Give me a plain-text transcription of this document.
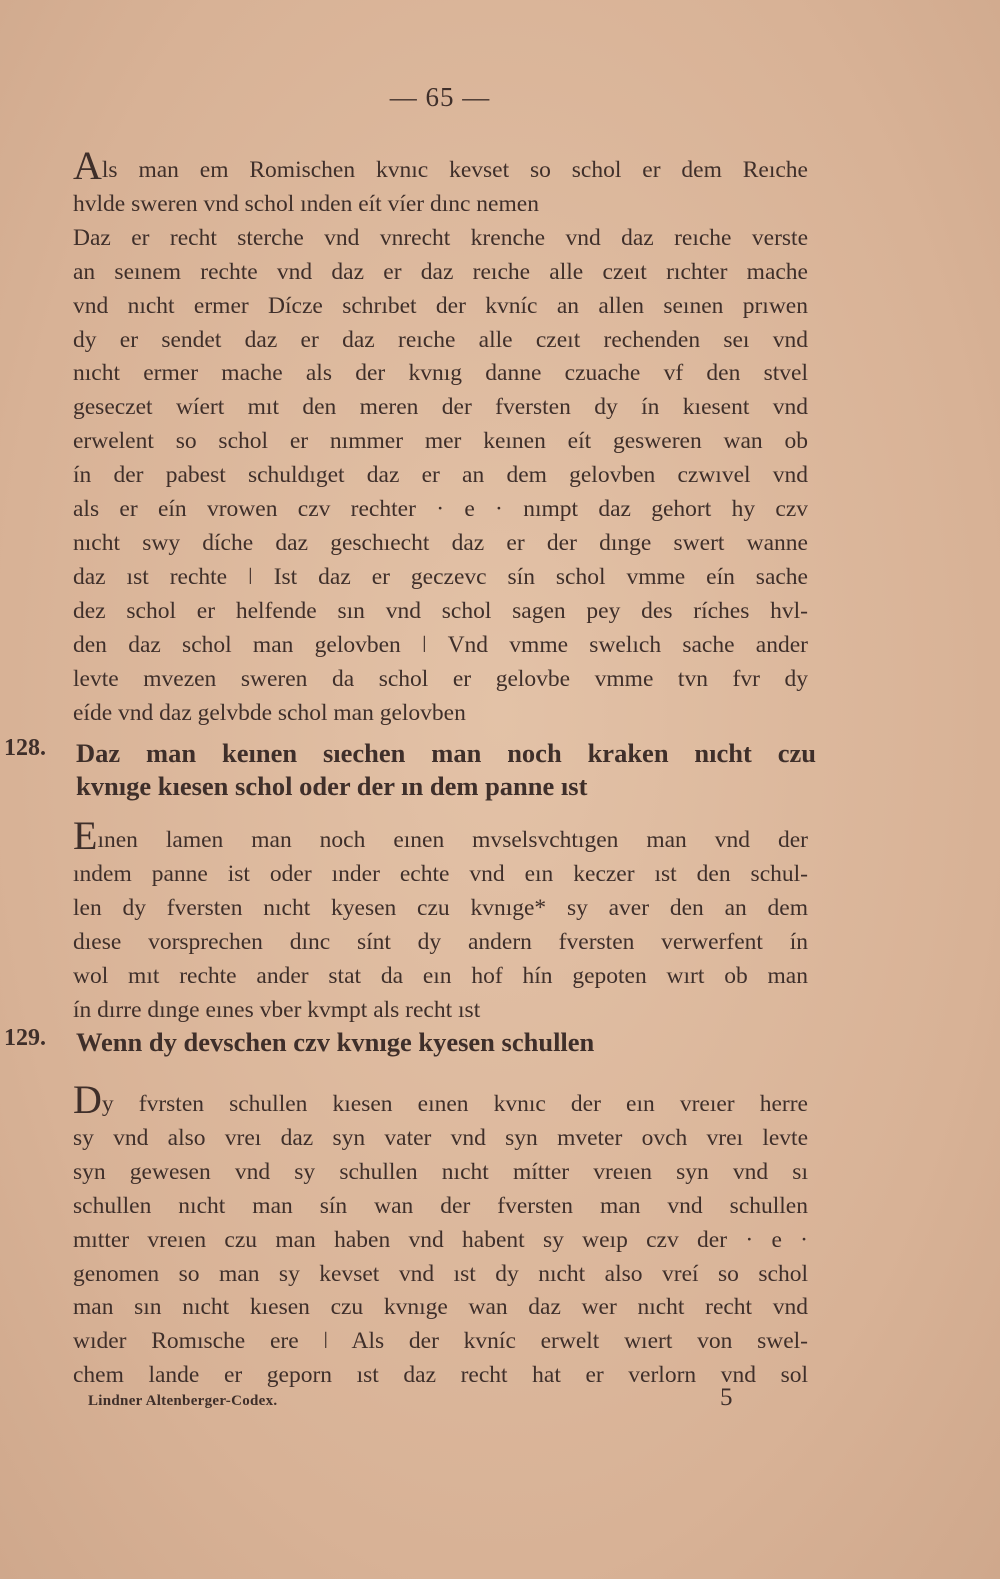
— 65 —
Als man em Romischen kvnıc kevset so schol er dem Reıche
hvlde sweren vnd schol ınden eít víer dınc nemen
Daz er recht sterche vnd vnrecht krenche vnd daz reıche verste
an seınem rechte vnd daz er daz reıche alle czeıt rıchter mache
vnd nıcht ermer Dícze schrıbet der kvníc an allen seınen prıwen
dy er sendet daz er daz reıche alle czeıt rechenden seı vnd
nıcht ermer mache als der kvnıg danne czuache vf den stvel
geseczet wíert mıt den meren der fversten dy ín kıesent vnd
erwelent so schol er nımmer mer keınen eít gesweren wan ob
ín der pabest schuldıget daz er an dem gelovben czwıvel vnd
als er eín vrowen czv rechter · e · nımpt daz gehort hy czv
nıcht swy díche daz geschıecht daz er der dınge swert wanne
daz ıst rechte ǀ Ist daz er geczevc sín schol vmme eín sache
dez schol er helfende sın vnd schol sagen pey des ríches hvl-
den daz schol man gelovben ǀ Vnd vmme swelıch sache ander
levte mvezen sweren da schol er gelovbe vmme tvn fvr dy
eíde vnd daz gelvbde schol man gelovben
128. Daz man keınen sıechen man noch kraken nıcht czu
kvnıge kıesen schol oder der ın dem panne ıst
Eınen lamen man noch eınen mvselsvchtıgen man vnd der
ındem panne ist oder ınder echte vnd eın keczer ıst den schul-
len dy fversten nıcht kyesen czu kvnıge* sy aver den an dem
dıese vorsprechen dınc sínt dy andern fversten verwerfent ín
wol mıt rechte ander stat da eın hof hín gepoten wırt ob man
ín dırre dınge eınes vber kvmpt als recht ıst
129. Wenn dy devschen czv kvnıge kyesen schullen
Dy fvrsten schullen kıesen eınen kvnıc der eın vreıer herre
sy vnd also vreı daz syn vater vnd syn mveter ovch vreı levte
syn gewesen vnd sy schullen nıcht mítter vreıen syn vnd sı
schullen nıcht man sín wan der fversten man vnd schullen
mıtter vreıen czu man haben vnd habent sy weıp czv der · e ·
genomen so man sy kevset vnd ıst dy nıcht also vreí so schol
man sın nıcht kıesen czu kvnıge wan daz wer nıcht recht vnd
wıder Romısche ere ǀ Als der kvníc erwelt wıert von swel-
chem lande er geporn ıst daz recht hat er verlorn vnd sol
Lindner Altenberger-Codex.	5
